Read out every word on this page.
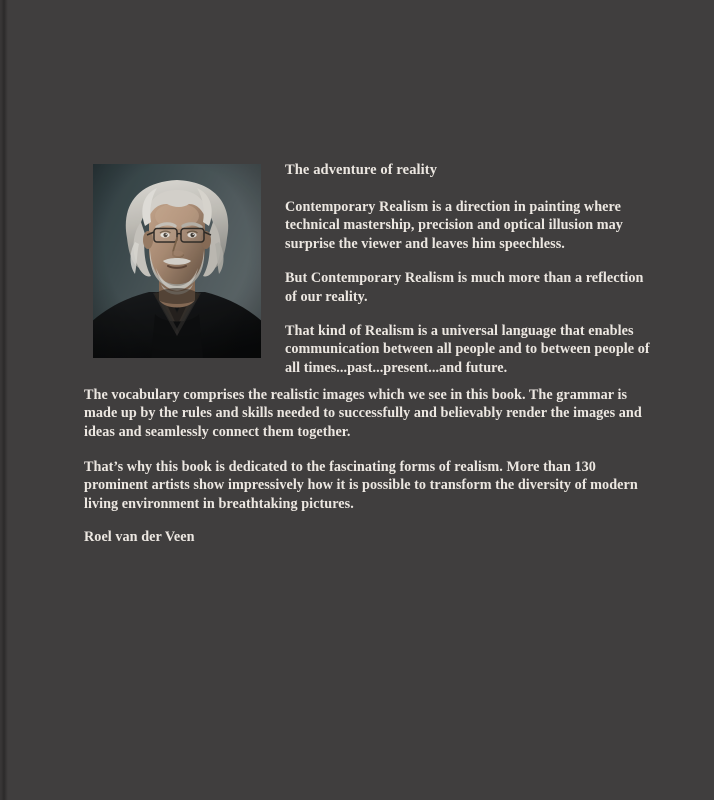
The adventure of reality

Contemporary Realism is a direction in painting where technical mastership, precision and optical illusion may surprise the viewer and leaves him speechless.

But Contemporary Realism is much more than a reflection of our reality.

That kind of Realism is a universal language that enables communication between all people and to between people of all times...past...present...and future.

The vocabulary comprises the realistic images which we see in this book. The grammar is made up by the rules and skills needed to successfully and believably render the images and ideas and seamlessly connect them together.

That’s why this book is dedicated to the fascinating forms of realism. More than 130 prominent artists show impressively how it is possible to transform the diversity of modern living environment in breathtaking pictures.

Roel van der Veen
